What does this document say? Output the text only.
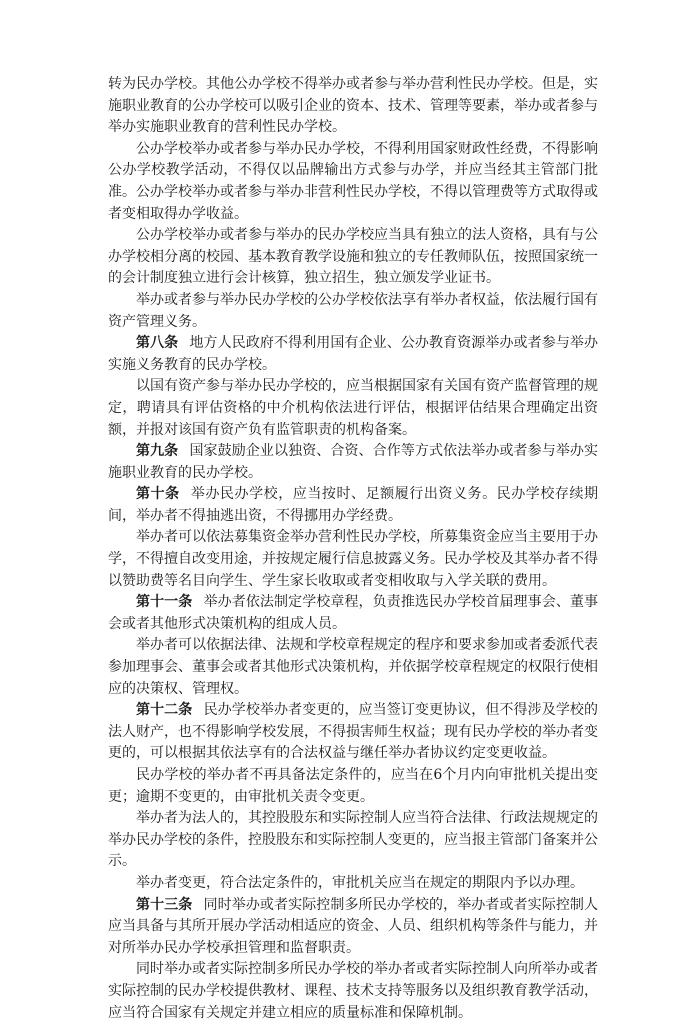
转为民办学校。其他公办学校不得举办或者参与举办营利性民办学校。但是，实施职业教育的公办学校可以吸引企业的资本、技术、管理等要素，举办或者参与举办实施职业教育的营利性民办学校。

公办学校举办或者参与举办民办学校，不得利用国家财政性经费，不得影响公办学校教学活动，不得仅以品牌输出方式参与办学，并应当经其主管部门批准。公办学校举办或者参与举办非营利性民办学校，不得以管理费等方式取得或者变相取得办学收益。

公办学校举办或者参与举办的民办学校应当具有独立的法人资格，具有与公办学校相分离的校园、基本教育教学设施和独立的专任教师队伍，按照国家统一的会计制度独立进行会计核算，独立招生，独立颁发学业证书。

举办或者参与举办民办学校的公办学校依法享有举办者权益，依法履行国有资产管理义务。

第八条 地方人民政府不得利用国有企业、公办教育资源举办或者参与举办实施义务教育的民办学校。

以国有资产参与举办民办学校的，应当根据国家有关国有资产监督管理的规定，聘请具有评估资格的中介机构依法进行评估，根据评估结果合理确定出资额，并报对该国有资产负有监管职责的机构备案。

第九条 国家鼓励企业以独资、合资、合作等方式依法举办或者参与举办实施职业教育的民办学校。

第十条 举办民办学校，应当按时、足额履行出资义务。民办学校存续期间，举办者不得抽逃出资，不得挪用办学经费。

举办者可以依法募集资金举办营利性民办学校，所募集资金应当主要用于办学，不得擅自改变用途，并按规定履行信息披露义务。民办学校及其举办者不得以赞助费等名目向学生、学生家长收取或者变相收取与入学关联的费用。

第十一条 举办者依法制定学校章程，负责推选民办学校首届理事会、董事会或者其他形式决策机构的组成人员。

举办者可以依据法律、法规和学校章程规定的程序和要求参加或者委派代表参加理事会、董事会或者其他形式决策机构，并依据学校章程规定的权限行使相应的决策权、管理权。

第十二条 民办学校举办者变更的，应当签订变更协议，但不得涉及学校的法人财产，也不得影响学校发展，不得损害师生权益；现有民办学校的举办者变更的，可以根据其依法享有的合法权益与继任举办者协议约定变更收益。

民办学校的举办者不再具备法定条件的，应当在6个月内向审批机关提出变更；逾期不变更的，由审批机关责令变更。

举办者为法人的，其控股股东和实际控制人应当符合法律、行政法规规定的举办民办学校的条件，控股股东和实际控制人变更的，应当报主管部门备案并公示。

举办者变更，符合法定条件的，审批机关应当在规定的期限内予以办理。

第十三条 同时举办或者实际控制多所民办学校的，举办者或者实际控制人应当具备与其所开展办学活动相适应的资金、人员、组织机构等条件与能力，并对所举办民办学校承担管理和监督职责。

同时举办或者实际控制多所民办学校的举办者或者实际控制人向所举办或者实际控制的民办学校提供教材、课程、技术支持等服务以及组织教育教学活动，应当符合国家有关规定并建立相应的质量标准和保障机制。
